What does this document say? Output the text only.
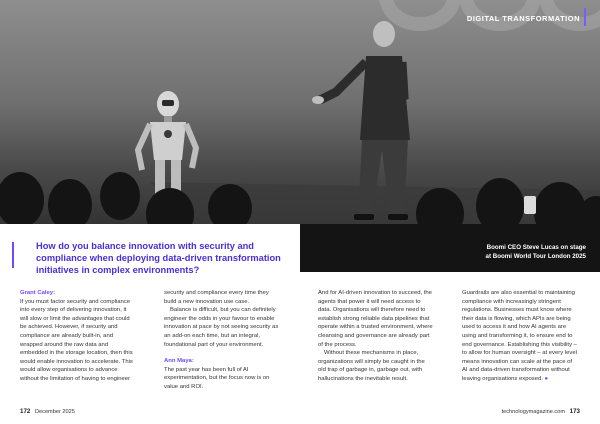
DIGITAL TRANSFORMATION
Boomi CEO Steve Lucas on stage
at Boomi World Tour London 2025
How do you balance innovation with security and compliance when deploying data-driven transformation initiatives in complex environments?

Grant Caley:
If you must factor security and compliance into every step of delivering innovation, it will slow or limit the advantages that could be achieved. However, if security and compliance are already built-in, and wrapped around the raw data and embedded in the storage location, then this would enable innovation to accelerate. This would allow organisations to advance without the limitation of having to engineer

security and compliance every time they build a new innovation use case.

Balance is difficult, but you can definitely engineer the odds in your favour to enable innovation at pace by not seeing security as an add-on each time, but an integral, foundational part of your environment.

Ann Maya:
The past year has been full of AI experimentation, but the focus now is on value and ROI.

And for AI-driven innovation to succeed, the agents that power it will need access to data. Organisations will therefore need to establish strong reliable data pipelines that operate within a trusted environment, where cleansing and governance are already part of the process.

Without these mechanisms in place, organizations will simply be caught in the old trap of garbage in, garbage out, with hallucinations the inevitable result.

Guardrails are also essential to maintaining compliance with increasingly stringent regulations. Businesses must know where their data is flowing, which APIs are being used to access it and how AI agents are using and transforming it, to ensure end to end governance. Establishing this visibility – to allow for human oversight – at every level means innovation can scale at the pace of AI and data-driven transformation without leaving organisations exposed. ●

172 December 2025	technologymagazine.com 173
